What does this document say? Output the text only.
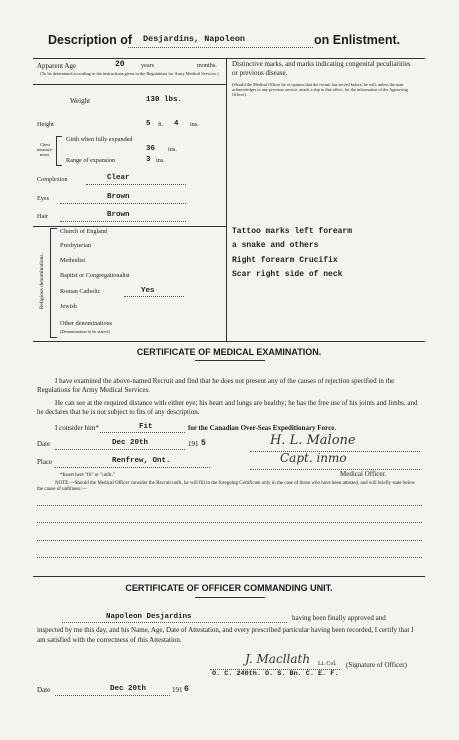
Description of Desjardins, Napoleon	on Enlistment.
Apparent Age	20	years	months.
(To be determined according to the instructions given in the Regulations for Army Medical Services.)
Weight	130 lbs.
Height	5 ft. 4 ins.
Chest measure- ment.
Girth when fully expanded
36 ins.
Range of expansion	3 ins.
Complexion	Clear
Eyes	Brown
Hair	Brown
Religious denominations.
Church of England
Presbyterian
Methodist
Baptist or Congregationalist
Roman Catholic	Yes
Jewish
Other denominations
(Denomination to be stated.)
Distinctive marks, and marks indicating congenital peculiarities or previous disease.
(Should the Medical Officer be of opinion that the recruit has served before, he will, unless the man acknowledges to any previous service, attach a slip to that effect, for the information of the Approving Officer).
Tattoo marks left forearm
a snake and others
Right forearm Crucifix
Scar right side of neck
CERTIFICATE OF MEDICAL EXAMINATION.
I have examined the above-named Recruit and find that he does not present any of the causes of rejection specified in the Regulations for Army Medical Services.
He can see at the required distance with either eye; his heart and lungs are healthy; he has the free use of his joints and limbs, and he declares that he is not subject to fits of any description.
I consider him*	Fit	for the Canadian Over-Seas Expeditionary Force.
Date	Dec 20th	191 5
Place	Renfrew, Ont.
H. L. Malone
Capt. inmo
Medical Officer.
*Insert here "fit" or "unfit."
NOTE.—Should the Medical Officer consider the Recruit unfit, he will fill in the foregoing Certificate only in the case of those who have been attested, and will briefly state below the cause of unfitness:—
CERTIFICATE OF OFFICER COMMANDING UNIT.
Napoleon Desjardins	having been finally approved and
inspected by me this day, and his Name, Age, Date of Attestation, and every prescribed particular having been recorded, I certify that I am satisfied with the correctness of this Attestation.
J. Macllath Lt. Col. (Signature of Officer)
O. C. 240th. O. S. Bn. C. E. F.
Date	Dec 20th	191 6
